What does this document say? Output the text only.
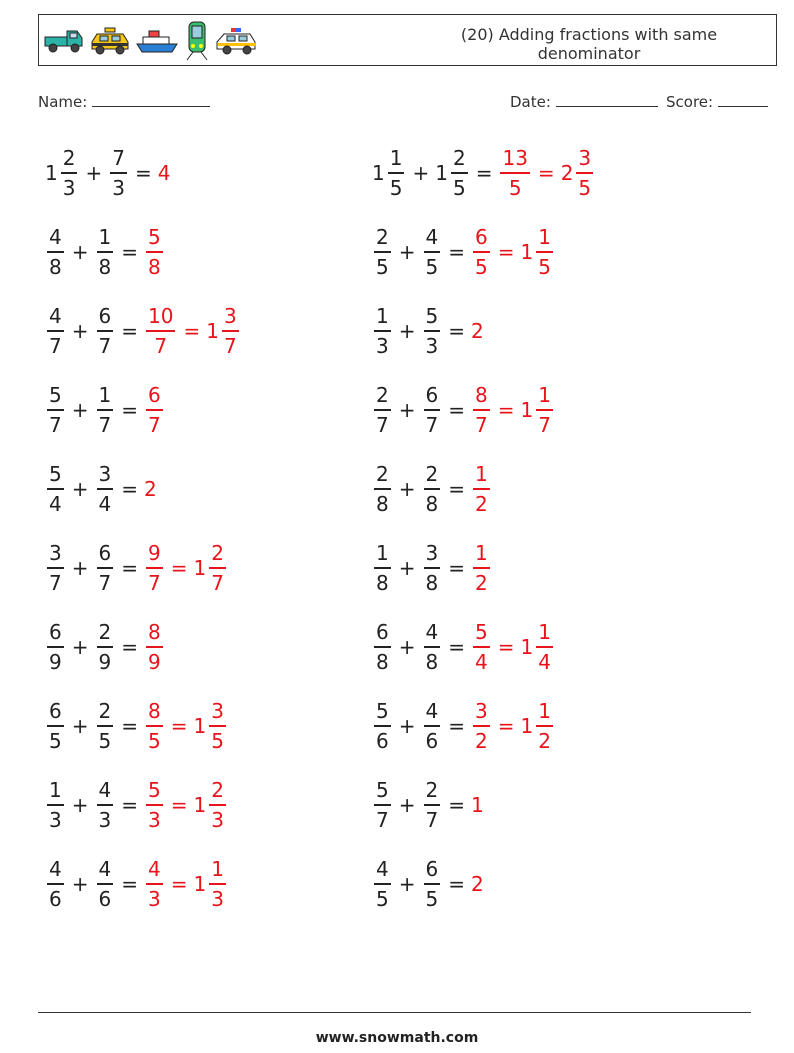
(20) Adding fractions with same
denominator
Name:	Date:	Score:
$1 \frac{2}{3} + \frac{7}{3} = 4$	$1 \frac{1}{5} + 1 \frac{2}{5} = \frac{13}{5} = 2 \frac{3}{5}$
$\frac{4}{8} + \frac{1}{8} = \frac{5}{8}$	$\frac{2}{5} + \frac{4}{5} = \frac{6}{5} = 1 \frac{1}{5}$
$\frac{4}{7} + \frac{6}{7} = \frac{10}{7} = 1 \frac{3}{7}$	$\frac{1}{3} + \frac{5}{3} = 2$
$\frac{5}{7} + \frac{1}{7} = \frac{6}{7}$	$\frac{2}{7} + \frac{6}{7} = \frac{8}{7} = 1 \frac{1}{7}$
$\frac{5}{4} + \frac{3}{4} = 2$	$\frac{2}{8} + \frac{2}{8} = \frac{1}{2}$
$\frac{3}{7} + \frac{6}{7} = \frac{9}{7} = 1 \frac{2}{7}$	$\frac{1}{8} + \frac{3}{8} = \frac{1}{2}$
$\frac{6}{9} + \frac{2}{9} = \frac{8}{9}$	$\frac{6}{8} + \frac{4}{8} = \frac{5}{4} = 1 \frac{1}{4}$
$\frac{6}{5} + \frac{2}{5} = \frac{8}{5} = 1 \frac{3}{5}$	$\frac{5}{6} + \frac{4}{6} = \frac{3}{2} = 1 \frac{1}{2}$
$\frac{1}{3} + \frac{4}{3} = \frac{5}{3} = 1 \frac{2}{3}$	$\frac{5}{7} + \frac{2}{7} = 1$
$\frac{4}{6} + \frac{4}{6} = \frac{4}{3} = 1 \frac{1}{3}$	$\frac{4}{5} + \frac{6}{5} = 2$
www.snowmath.com
